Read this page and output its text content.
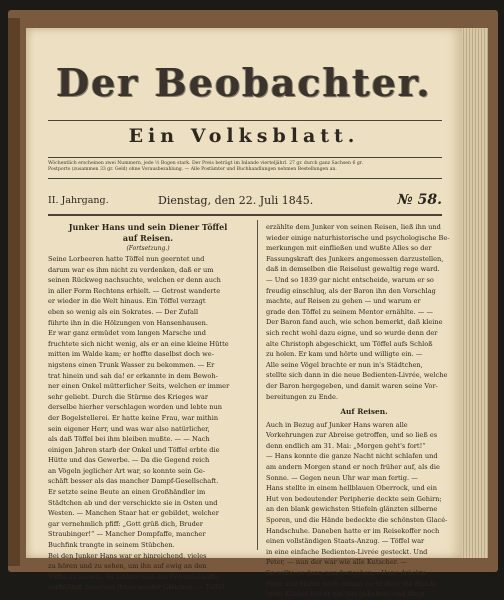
Der Beobachter.
Ein Volksblatt.
Wöchentlich erscheinen zwei Nummern, jede ½ Bogen stark. Der Preis beträgt im Inlande vierteljährl. 27 gr. durch ganz Sachsen 6 gr.
Postporto (zusammen 33 gr. Geld) ohne Vorausbezahlung. — Alle Postämter und Buchhandlungen nehmen Bestellungen an.
II. Jahrgang.	Dienstag, den 22. Juli 1845.	№ 58.
Junker Hans und sein Diener Töffel
auf Reisen.
(Fortsetzung.)
Seine Lorbeeren hatte Töffel nun geerntet und
darum war es ihm nicht zu verdenken, daß er um
seinen Rückweg nachsuchte, welchen er denn auch
in aller Form Rechtens erhielt. — Getrost wanderte
er wieder in die Welt hinaus. Ein Töffel verzagt
eben so wenig als ein Sokrates. — Der Zufall
führte ihn in die Hölzungen von Hansenhausen.
Er war ganz ermüdet vom langen Marsche und
fruchtete sich nicht wenig, als er an eine kleine Hütte
mitten im Walde kam; er hoffte daselbst doch we-
nigstens einen Trunk Wasser zu bekommen. — Er
trat hinein und sah da! er erkannte in dem Bewoh-
ner einen Onkel mütterlicher Seits, welchen er immer
sehr geliebt. Durch die Stürme des Krieges war
derselbe hierher verschlagen worden und lebte nun
der Bogelstellerei. Er hatte keine Frau, war mithin
sein eigener Herr, und was war also natürlicher,
als daß Töffel bei ihm bleiben mußte. — — Nach
einigen Jahren starb der Onkel und Töffel erbte die
Hütte und das Gewerbe. — Da die Gegend reich
an Vögeln jeglicher Art war, so konnte sein Ge-
schäft besser als das mancher Dampf-Gesellschaft.
Er setzte seine Beute an einen Großhändler im
Städtchen ab und der verschickte sie in Osten und
Westen. — Manchen Staar hat er gebildet, welcher
gar vernehmlich pfiff: „Gott grüß dich, Bruder
Straubinger!“ — Mancher Dompfaffe, mancher
Buchfink trangte in seinem Stübchen.
Bei den Junker Hans war er hinreichend, vieles
zu hören und zu sehen, um ihn auf ewig an den
Töffel zu fesseln. Es bildete sich ein Freundschafts-
verhältniß zwischen ihnen sonder Gleichen. — Töffel
erzählte dem Junker von seinen Reisen, ließ ihn und
wieder einige naturhistorische und psychologische Be-
merkungen mit einfließen und wußte Alles so der
Fassungskraft des Junkers angemessen darzustellen,
daß in demselben die Reiselust gewaltig rege ward.
— Und so 1839 gar nicht entscheide, warum er so
freudig einschluq, als der Baron ihn den Vorschlag
machte, auf Reisen zu gehen — und warum er
grade den Töffel zu seinem Mentor ernählte. — —
Der Baron fand auch, wie schon bemerkt, daß kleine
sich recht wohl dazu eigne, und so wurde denn der
alte Christoph abgeschickt, um Töffel aufs Schloß
zu holen. Er kam und hörte und willigte ein. —
Alle seine Vögel brachte er nun in's Städtchen,
stellte sich dann in die neue Bedienten-Livrée, welche
der Baron hergegeben, und damit waren seine Vor-
bereitungen zu Ende.
Auf Reisen.
Auch in Bezug auf Junker Hans waren alle
Vorkehrungen zur Abreise getroffen, und so ließ es
denn endlich am 31. Mai: „Morgen geht's fort!“
— Hans konnte die ganze Nacht nicht schlafen und
am andern Morgen stand er noch früher auf, als die
Sonne. — Gegen neun Uhr war man fertig. —
Hans stellte in einem hellblauen Oberrock, und ein
Hut von bedeutender Peripherie deckte sein Gehirn;
an den blank gewichsten Stiefeln glänzten silberne
Sporen, und die Hände bedeckte die schönsten Glacé-
Handschuhe. Daneben hatte er im Reisekoffer noch
einen vollständigen Staats-Anzug. — Töffel war
in eine einfache Bedienten-Livrée gesteckt. Und
Peter, — nun der war wie alle Kutscher. —
So sollte es denn nun fortgehen.—Hans drückte
Papa und Mama noch einmal recht derb die Hände
(vom Küssen hat er nie viel gehalten) und fliegt
